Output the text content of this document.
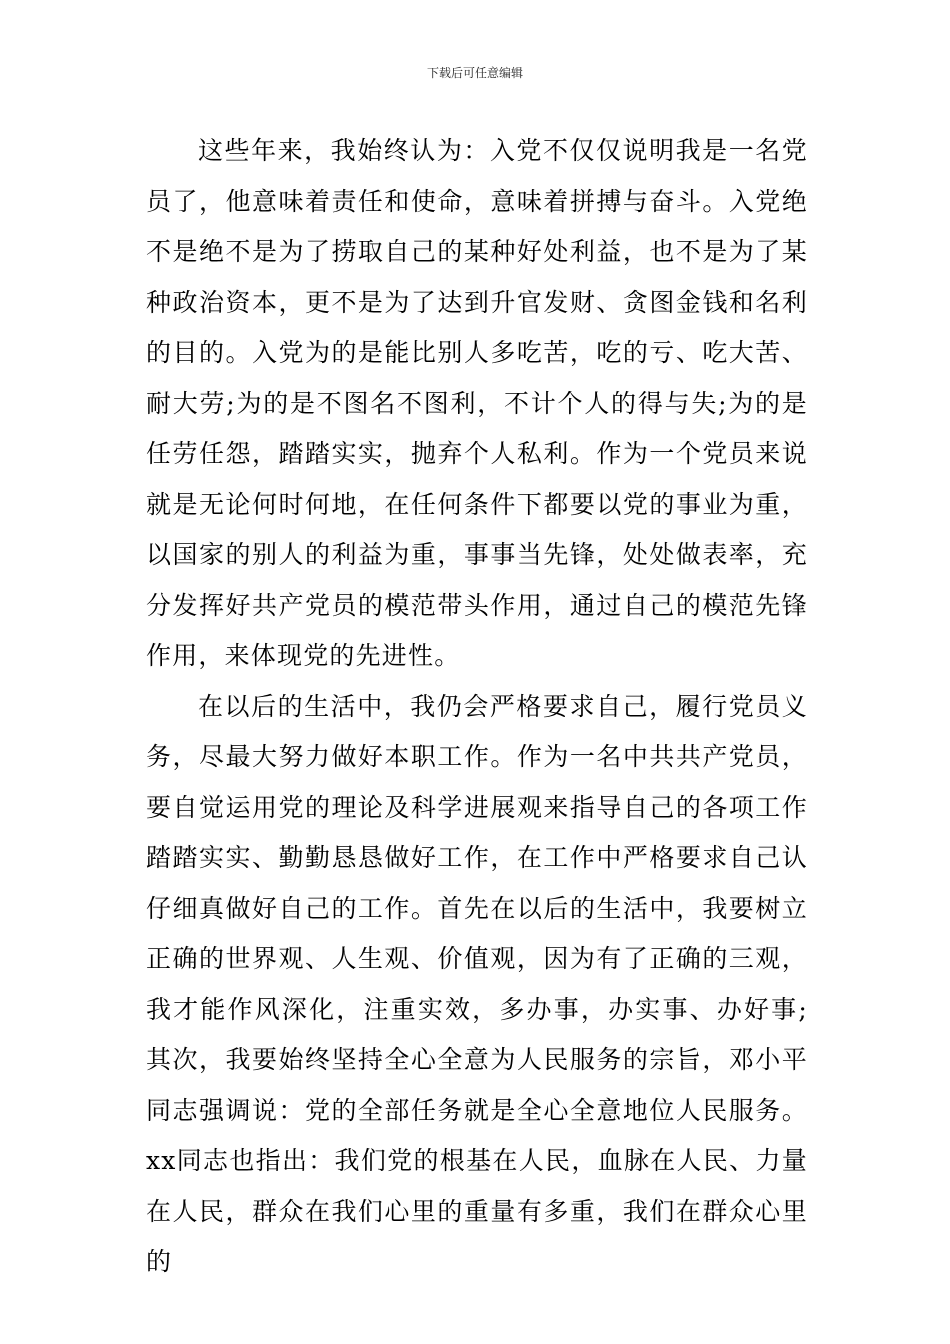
下载后可任意编辑

这些年来，我始终认为：入党不仅仅说明我是一名党员了，他意味着责任和使命，意味着拼搏与奋斗。入党绝不是绝不是为了捞取自己的某种好处利益，也不是为了某种政治资本，更不是为了达到升官发财、贪图金钱和名利的目的。入党为的是能比别人多吃苦，吃的亏、吃大苦、耐大劳;为的是不图名不图利，不计个人的得与失;为的是任劳任怨，踏踏实实，抛弃个人私利。作为一个党员来说就是无论何时何地，在任何条件下都要以党的事业为重，以国家的别人的利益为重，事事当先锋，处处做表率，充分发挥好共产党员的模范带头作用，通过自己的模范先锋作用，来体现党的先进性。

在以后的生活中，我仍会严格要求自己，履行党员义务，尽最大努力做好本职工作。作为一名中共共产党员，要自觉运用党的理论及科学进展观来指导自己的各项工作踏踏实实、勤勤恳恳做好工作，在工作中严格要求自己认仔细真做好自己的工作。首先在以后的生活中，我要树立正确的世界观、人生观、价值观，因为有了正确的三观，我才能作风深化，注重实效，多办事，办实事、办好事;其次，我要始终坚持全心全意为人民服务的宗旨，邓小平同志强调说：党的全部任务就是全心全意地位人民服务。xx同志也指出：我们党的根基在人民，血脉在人民、力量在人民，群众在我们心里的重量有多重，我们在群众心里的
